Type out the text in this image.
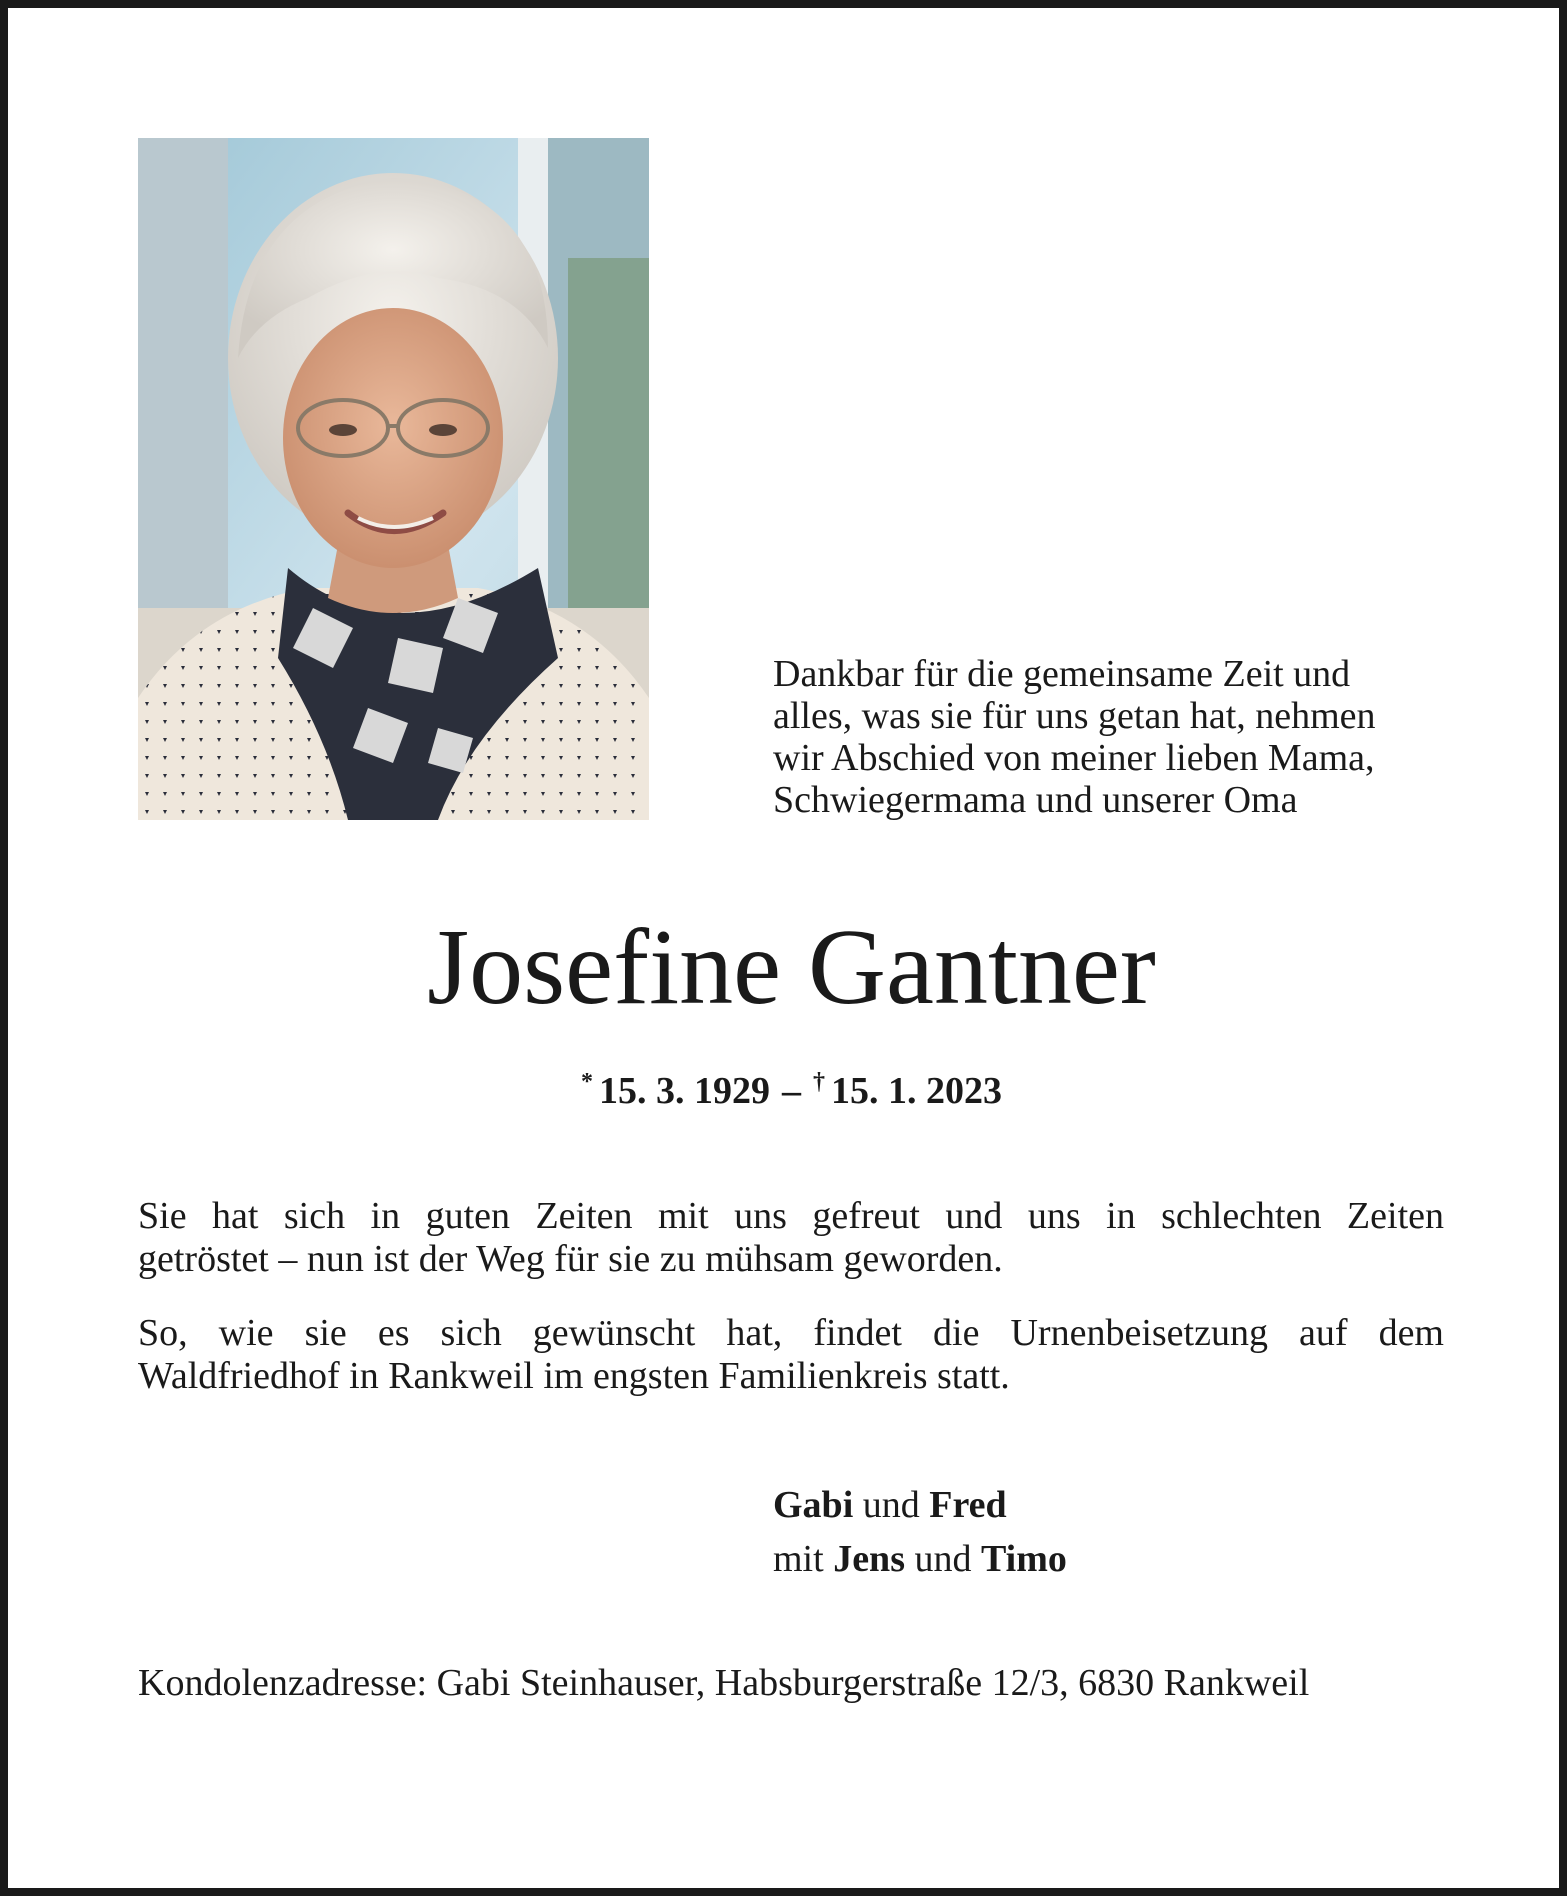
Dankbar für die gemeinsame Zeit und
alles, was sie für uns getan hat, nehmen
wir Abschied von meiner lieben Mama,
Schwiegermama und unserer Oma

Josefine Gantner
* 15. 3. 1929 – † 15. 1. 2023

Sie hat sich in guten Zeiten mit uns gefreut und uns in schlechten Zeiten
getröstet – nun ist der Weg für sie zu mühsam geworden.

So, wie sie es sich gewünscht hat, findet die Urnenbeisetzung auf dem
Waldfriedhof in Rankweil im engsten Familienkreis statt.

Gabi und Fred
mit Jens und Timo
Kondolenzadresse: Gabi Steinhauser, Habsburgerstraße 12/3, 6830 Rankweil
